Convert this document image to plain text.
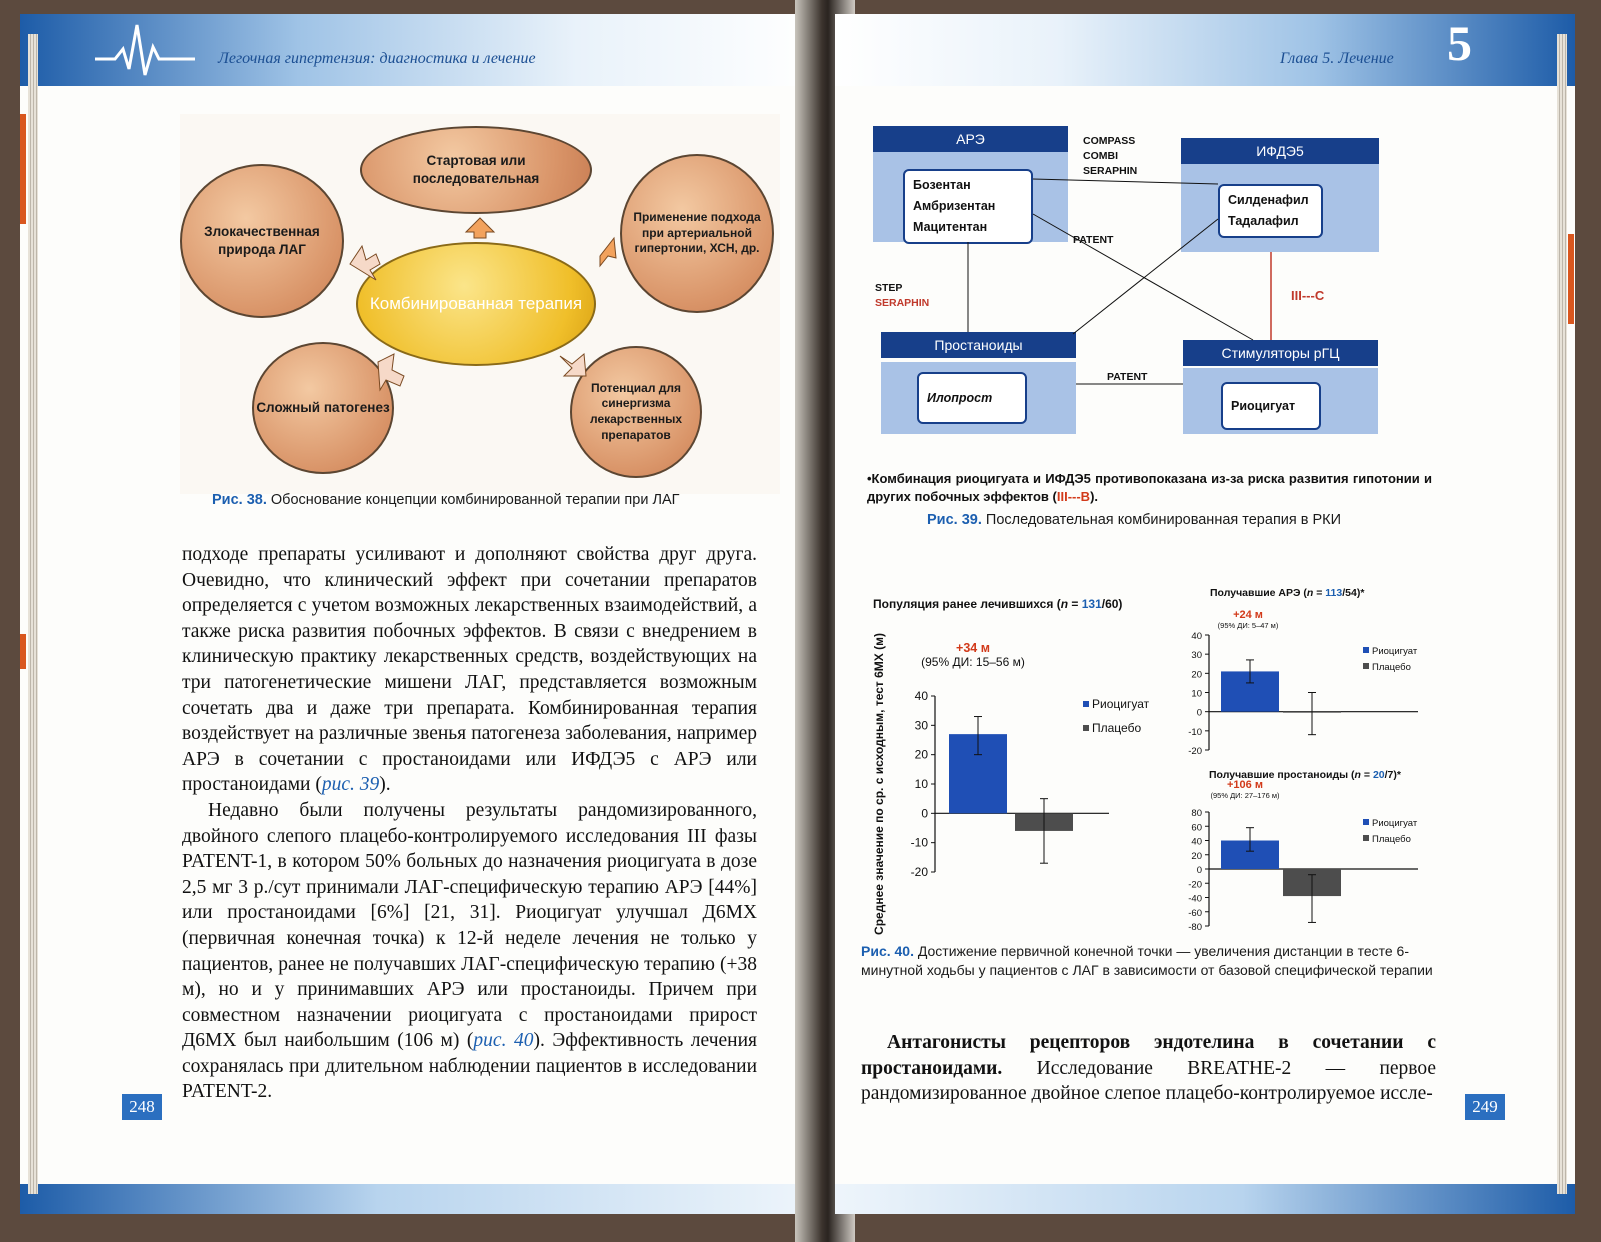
Легочная гипертензия: диагностика и лечение
Стартовая или последовательная
Злокачественная природа ЛАГ
Применение подхода при артериальной гипертонии, ХСН, др.
Сложный патогенез
Потенциал для синергизма лекарственных препаратов
Комбинированная терапия
Рис. 38. Обоснование концепции комбинированной терапии при ЛАГ

подходе препараты усиливают и дополняют свойства друг друга. Очевидно, что клинический эффект при сочетании препаратов определяется с учетом возможных лекарственных взаимодействий, а также риска развития побочных эффектов. В связи с внедрением в клиническую практику лекарственных средств, воздействующих на три патогенетические мишени ЛАГ, представляется возможным сочетать два и даже три препарата. Комбинированная терапия воздействует на различные звенья патогенеза заболевания, например АРЭ в сочетании с простаноидами или ИФДЭ5 с АРЭ или простаноидами (рис. 39).

Недавно были получены результаты рандомизированного, двойного слепого плацебо-контролируемого исследования III фазы PATENT-1, в котором 50% больных до назначения риоцигуата в дозе 2,5 мг 3 р./сут принимали ЛАГ-специфическую терапию АРЭ [44%] или простаноидами [6%] [21, 31]. Риоцигуат улучшал Д6МХ (первичная конечная точка) к 12-й неделе лечения не только у пациентов, ранее не получавших ЛАГ-специфическую терапию (+38 м), но и у принимавших АРЭ или простаноиды. Причем при совместном назначении риоцигуата с простаноидами прирост Д6МХ был наибольшим (106 м) (рис. 40). Эффективность лечения сохранялась при длительном наблюдении пациентов в исследовании PATENT-2.

248
Глава 5. Лечение 5
АРЭ
Бозентан
Амбризентан
Мацитентан
ИФДЭ5
Силденафил
Тадалафил
Простаноиды
Илопрост
Стимуляторы рГЦ
Риоцигуат
COMPASS
COMBI
SERAPHIN
PATENT
PATENT
STEP
SERAPHIN	III---C
•Комбинация риоцигуата и ИФДЭ5 противопоказана из-за риска развития гипотонии и других побочных эффектов (III---B).
Рис. 39. Последовательная комбинированная терапия в РКИ
Популяция ранее лечившихся (n = 131/60)
-20
-10
0
10
20
30
40
Риоцигуат
Плацебо
+34 м
(95% ДИ: 15–56 м)
Среднее значение по ср. с исходным, тест 6МХ (м)
Получавшие АРЭ (n = 113/54)*
-20
-10
0
10
20
30
40
Риоцигуат
Плацебо
+24 м
(95% ДИ: 5–47 м)
Получавшие простаноиды (n = 20/7)*
-80
-60
-40
-20
0
20
40
60
80
Риоцигуат
Плацебо
+106 м
(95% ДИ: 27–176 м)
Рис. 40. Достижение первичной конечной точки — увеличения дистанции в тесте 6-минутной ходьбы у пациентов с ЛАГ в зависимости от базовой специфической терапии

Антагонисты рецепторов эндотелина в сочетании с простаноидами. Исследование BREATHE-2 — первое рандомизированное двойное слепое плацебо-контролируемое иссле-

249
